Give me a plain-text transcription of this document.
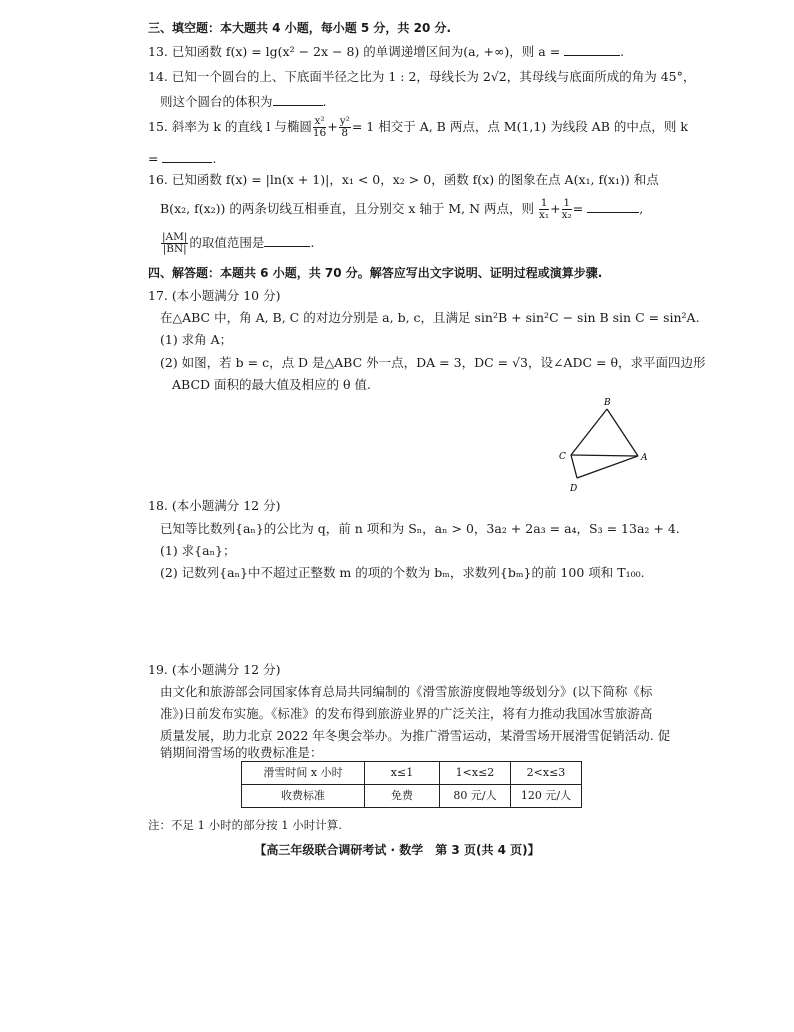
三、填空题：本大题共 4 小题，每小题 5 分，共 20 分.
13. 已知函数 f(x) = lg(x² − 2x − 8) 的单调递增区间为(a, +∞)，则 a =	.
14. 已知一个圆台的上、下底面半径之比为 1 : 2，母线长为 2√2，其母线与底面所成的角为 45°，
则这个圆台的体积为	.
15. 斜率为 k 的直线 l 与椭圆 $\frac{\text{x²}}{16} + \frac{\text{y²}}{8} = 1$ 相交于 A, B 两点，点 M(1,1) 为线段 AB 的中点，则 k
=	.
16. 已知函数 f(x) = |ln(x + 1)|，x₁ < 0，x₂ > 0，函数 f(x) 的图象在点 A(x₁, f(x₁)) 和点
B(x₂, f(x₂)) 的两条切线互相垂直，且分别交 x 轴于 M, N 两点，则 $\frac{1}{\text{x₁}} + \frac{1}{\text{x₂}}$ =	,
$\frac{|AM|}{|BN|}$ 的取值范围是	.
四、解答题：本题共 6 小题，共 70 分。解答应写出文字说明、证明过程或演算步骤.
17. (本小题满分 10 分)
在△ABC 中，角 A, B, C 的对边分别是 a, b, c，且满足 sin²B + sin²C − sin B sin C = sin²A.
(1) 求角 A；
(2) 如图，若 b = c，点 D 是△ABC 外一点，DA = 3，DC = √3，设∠ADC = θ，求平面四边形
ABCD 面积的最大值及相应的 θ 值.
B
C	A
D
18. (本小题满分 12 分)
已知等比数列{aₙ}的公比为 q，前 n 项和为 Sₙ，aₙ > 0，3a₂ + 2a₃ = a₄，S₃ = 13a₂ + 4.
(1) 求{aₙ}；
(2) 记数列{aₙ}中不超过正整数 m 的项的个数为 bₘ，求数列{bₘ}的前 100 项和 T₁₀₀.
19. (本小题满分 12 分)
由文化和旅游部会同国家体育总局共同编制的《滑雪旅游度假地等级划分》(以下简称《标
准》)日前发布实施。《标准》的发布得到旅游业界的广泛关注，将有力推动我国冰雪旅游高
质量发展，助力北京 2022 年冬奥会举办。为推广滑雪运动，某滑雪场开展滑雪促销活动. 促
销期间滑雪场的收费标准是：
滑雪时间 x 小时	x≤1	1<x≤2	2<x≤3
收费标准	免费	80 元/人	120 元/人
注：不足 1 小时的部分按 1 小时计算.
【高三年级联合调研考试 · 数学　第 3 页(共 4 页)】
